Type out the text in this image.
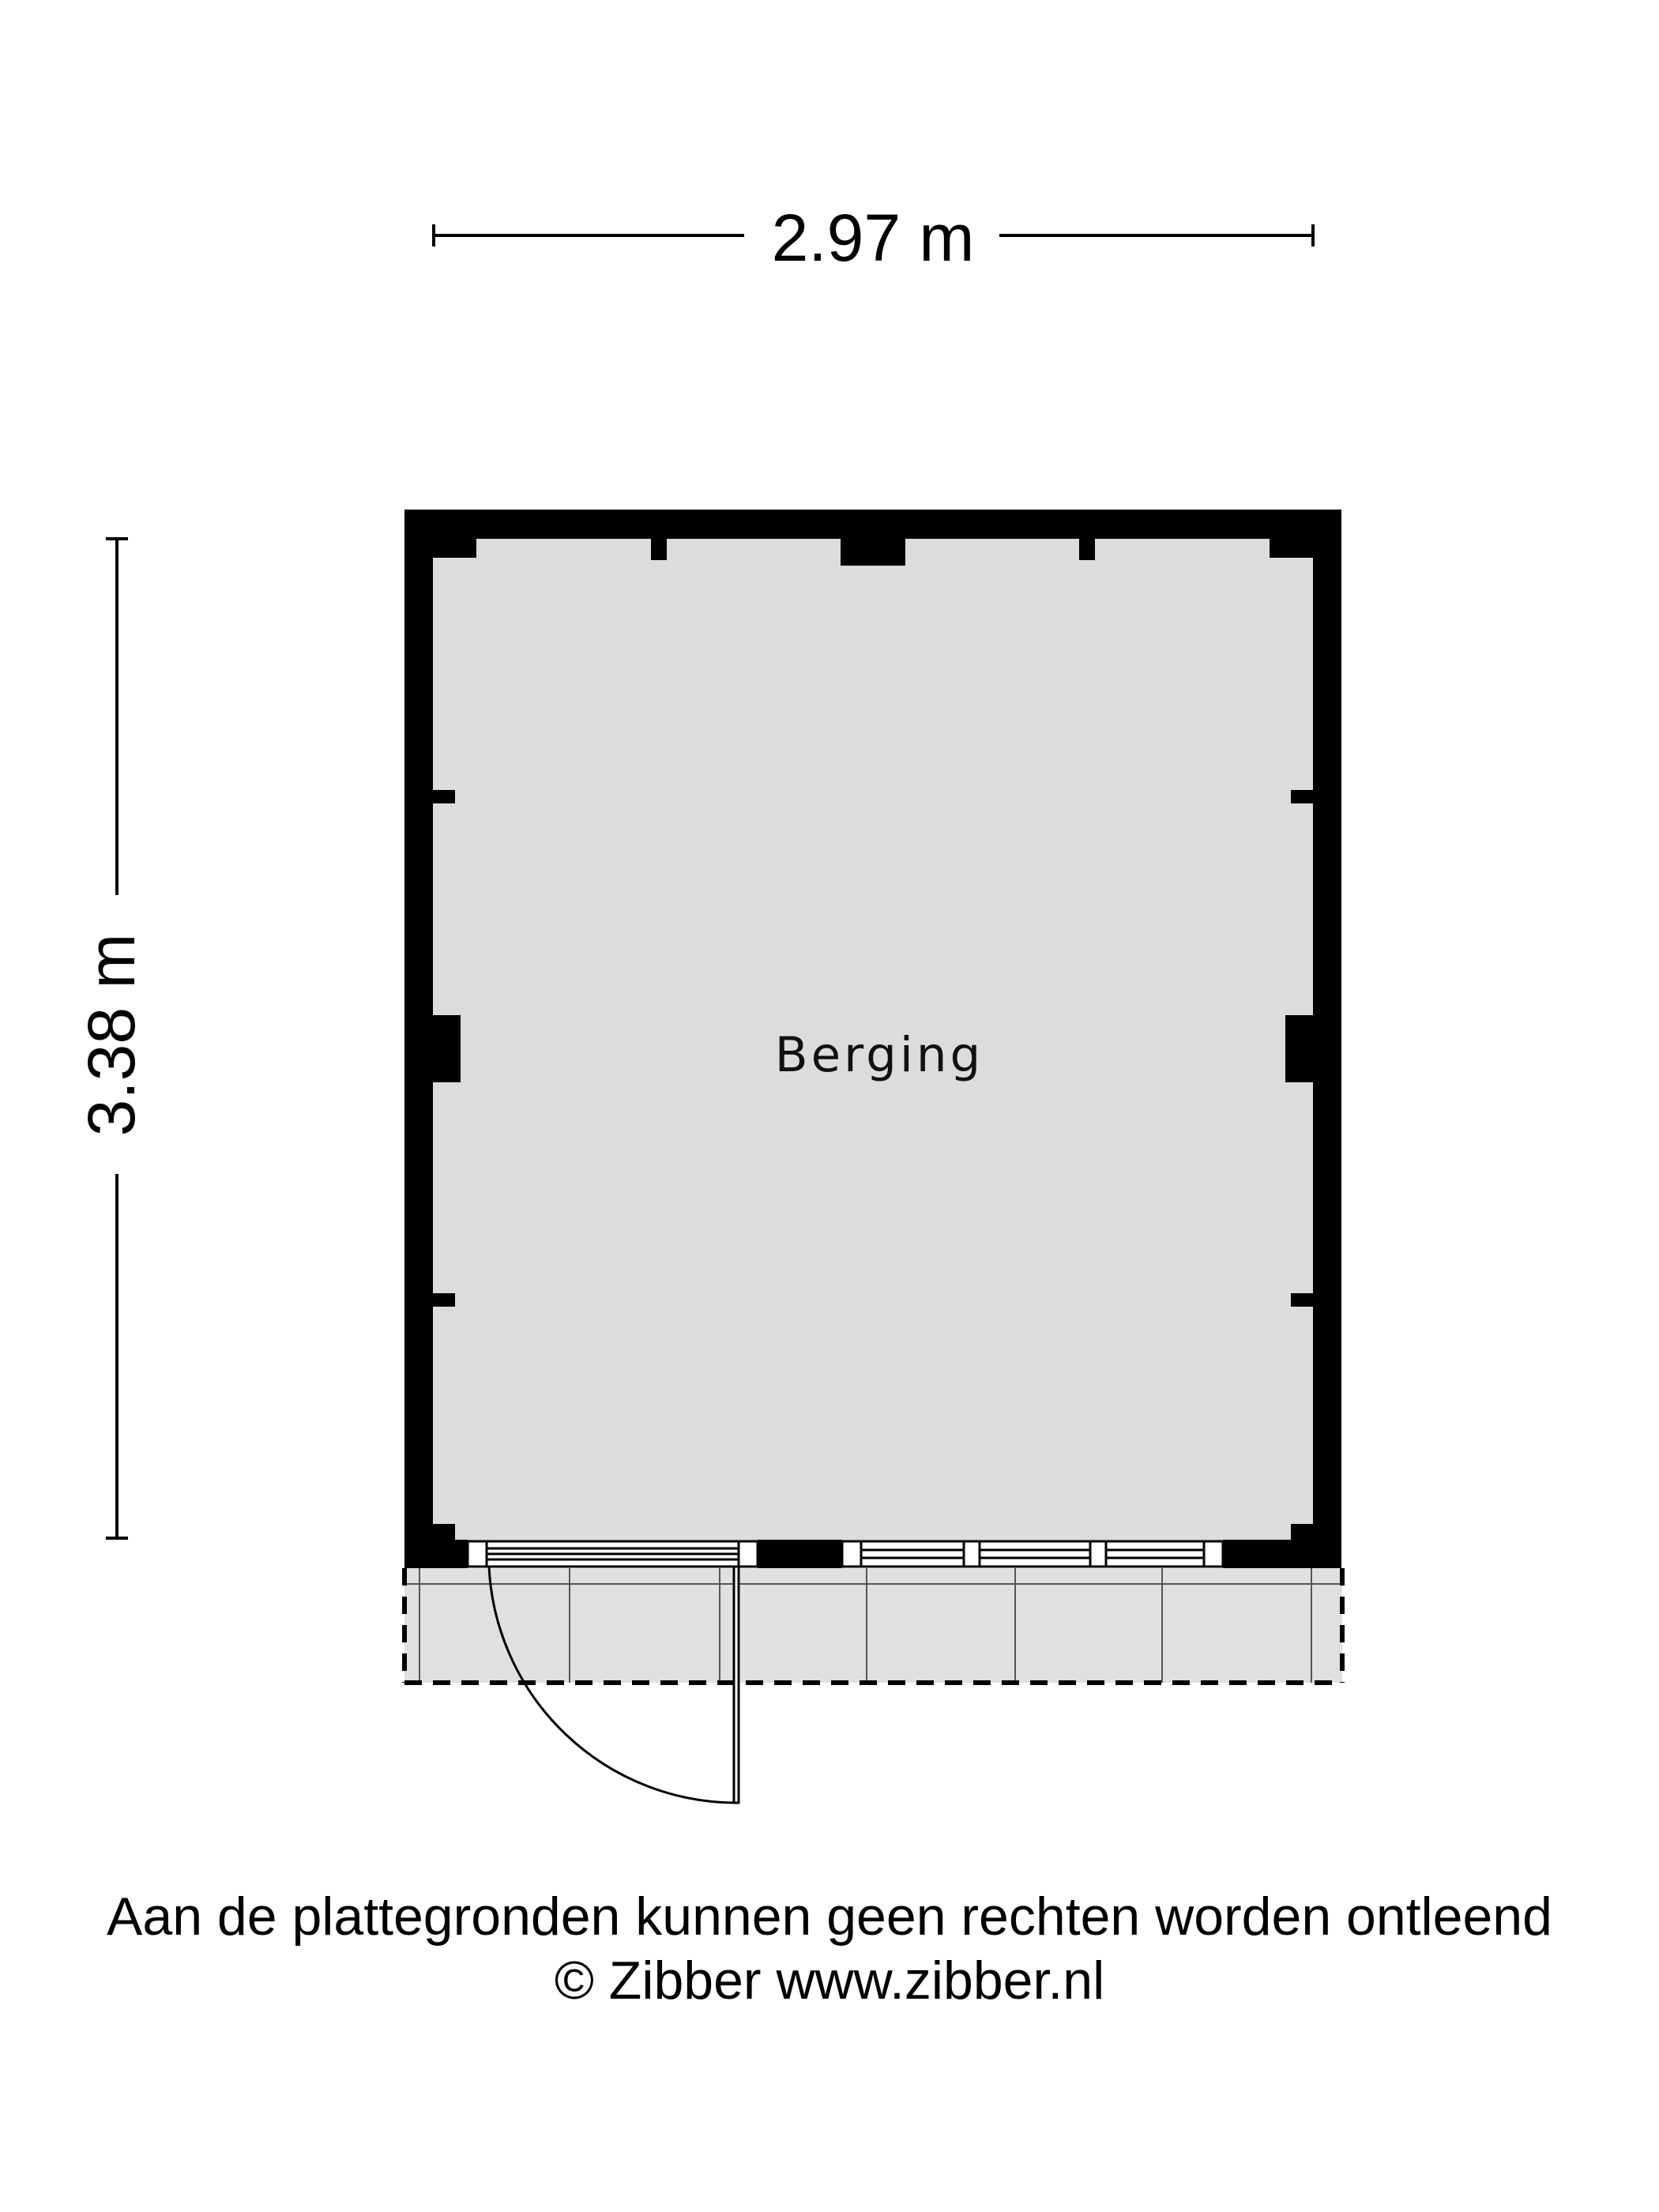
2.97 m
3.38 m	Berging
Aan de plattegronden kunnen geen rechten worden ontleend
© Zibber www.zibber.nl
